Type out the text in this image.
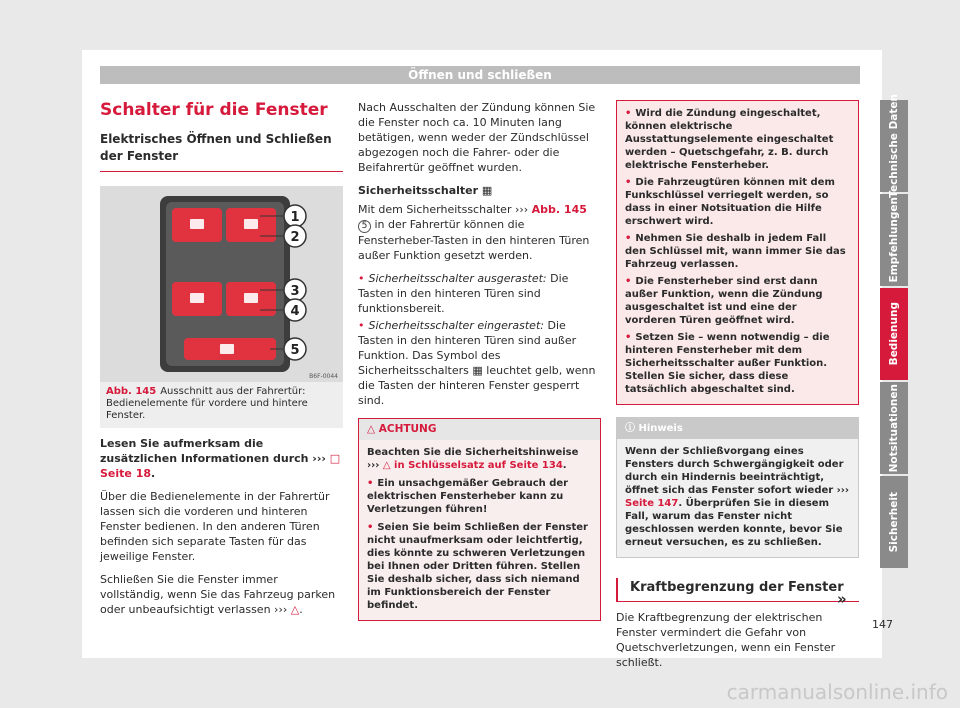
Öffnen und schließen
Schalter für die Fenster
Elektrisches Öffnen und Schließen der Fenster
1
2
3
4
5
B6F-0044
Abb. 145 Ausschnitt aus der Fahrertür: Bedienelemente für vordere und hintere Fenster.

Lesen Sie aufmerksam die zusätzlichen Informationen durch ››› □ Seite 18.

Über die Bedienelemente in der Fahrertür lassen sich die vorderen und hinteren Fenster bedienen. In den anderen Türen befinden sich separate Tasten für das jeweilige Fenster.

Schließen Sie die Fenster immer vollständig, wenn Sie das Fahrzeug parken oder unbeaufsichtigt verlassen ››› △.

Nach Ausschalten der Zündung können Sie die Fenster noch ca. 10 Minuten lang betätigen, wenn weder der Zündschlüssel abgezogen noch die Fahrer- oder die Beifahrertür geöffnet wurden.

Sicherheitsschalter ▦

Mit dem Sicherheitsschalter ››› Abb. 145 5 in der Fahrertür können die Fensterheber-Tasten in den hinteren Türen außer Funktion gesetzt werden.

• Sicherheitsschalter ausgerastet: Die Tasten in den hinteren Türen sind funktionsbereit.

• Sicherheitsschalter eingerastet: Die Tasten in den hinteren Türen sind außer Funktion. Das Symbol des Sicherheitsschalters ▦ leuchtet gelb, wenn die Tasten der hinteren Fenster gesperrt sind.

△ ACHTUNG

Beachten Sie die Sicherheitshinweise ››› △ in Schlüsselsatz auf Seite 134.

• Ein unsachgemäßer Gebrauch der elektrischen Fensterheber kann zu Verletzungen führen!

• Seien Sie beim Schließen der Fenster nicht unaufmerksam oder leichtfertig, dies könnte zu schweren Verletzungen bei Ihnen oder Dritten führen. Stellen Sie deshalb sicher, dass sich niemand im Funktionsbereich der Fenster befindet.

• Wird die Zündung eingeschaltet, können elektrische Ausstattungselemente eingeschaltet werden – Quetschgefahr, z. B. durch elektrische Fensterheber.

• Die Fahrzeugtüren können mit dem Funkschlüssel verriegelt werden, so dass in einer Notsituation die Hilfe erschwert wird.

• Nehmen Sie deshalb in jedem Fall den Schlüssel mit, wann immer Sie das Fahrzeug verlassen.

• Die Fensterheber sind erst dann außer Funktion, wenn die Zündung ausgeschaltet ist und eine der vorderen Türen geöffnet wird.

• Setzen Sie – wenn notwendig – die hinteren Fensterheber mit dem Sicherheitsschalter außer Funktion. Stellen Sie sicher, dass diese tatsächlich abgeschaltet sind.

ⓘ Hinweis
Wenn der Schließvorgang eines Fensters durch Schwergängigkeit oder durch ein Hindernis beeinträchtigt, öffnet sich das Fenster sofort wieder ››› Seite 147. Überprüfen Sie in diesem Fall, warum das Fenster nicht geschlossen werden konnte, bevor Sie erneut versuchen, es zu schließen.
Kraftbegrenzung der Fenster

Die Kraftbegrenzung der elektrischen Fenster vermindert die Gefahr von Quetschverletzungen, wenn ein Fenster schließt.

»
Technische Daten
Empfehlungen
Bedienung
Notsituationen
Sicherheit
147
carmanualsonline.info
